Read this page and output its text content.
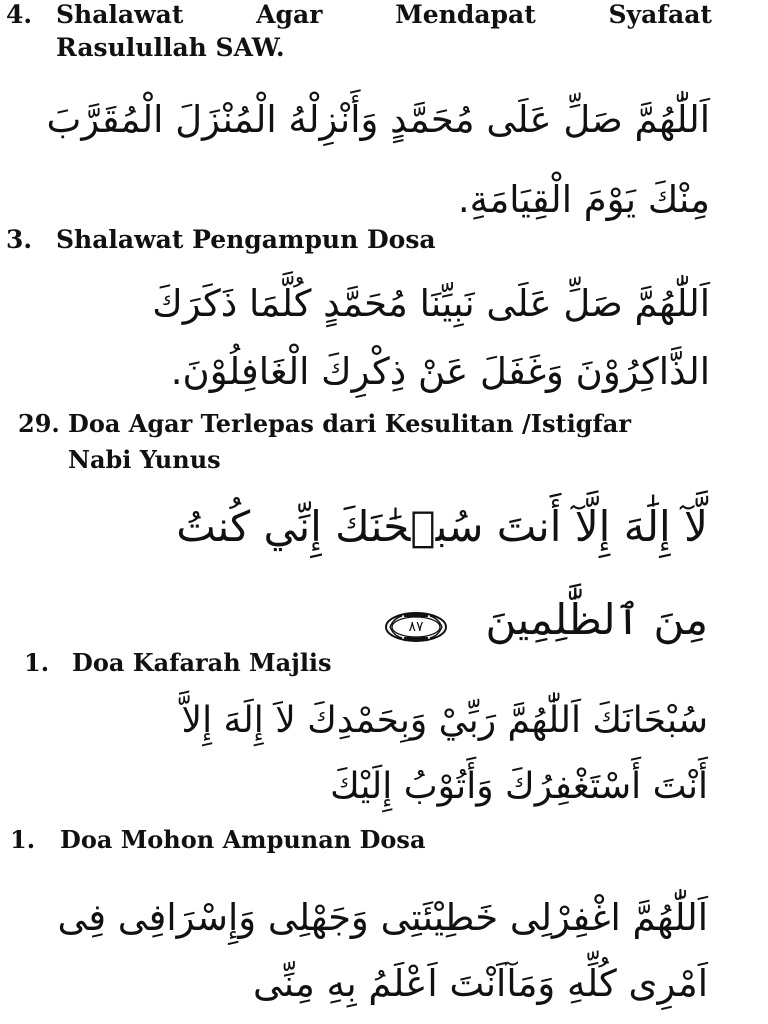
4. Shalawat	Agar	Mendapat	Syafaat
Rasulullah SAW.
اَللّٰهُمَّ صَلِّ عَلَى مُحَمَّدٍ وَأَنْزِلْهُ الْمُنْزَلَ الْمُقَرَّبَ
مِنْكَ يَوْمَ الْقِيَامَةِ.
3. Shalawat Pengampun Dosa
اَللّٰهُمَّ صَلِّ عَلَى نَبِيِّنَا مُحَمَّدٍ كُلَّمَا ذَكَرَكَ
الذَّاكِرُوْنَ وَغَفَلَ عَنْ ذِكْرِكَ الْغَافِلُوْنَ.
29. Doa Agar Terlepas dari Kesulitan /Istigfar
Nabi Yunus
لَّآ إِلَٰهَ إِلَّآ أَنتَ سُبۡحَٰنَكَ إِنِّي كُنتُ
مِنَ ٱلظَّٰلِمِينَ
٨٧
1. Doa Kafarah Majlis
سُبْحَانَكَ اَللّٰهُمَّ رَبِّيْ وَبِحَمْدِكَ لاَ إِلَهَ إِلاَّ
أَنْتَ أَسْتَغْفِرُكَ وَأَتُوْبُ إِلَيْكَ
1. Doa Mohon Ampunan Dosa
اَللّٰهُمَّ اغْفِرْلِى خَطِيْئَتِى وَجَهْلِى وَإِسْرَافِى فِى
اَمْرِى كُلِّهِ وَمَآاَنْتَ اَعْلَمُ بِهِ مِنِّى
